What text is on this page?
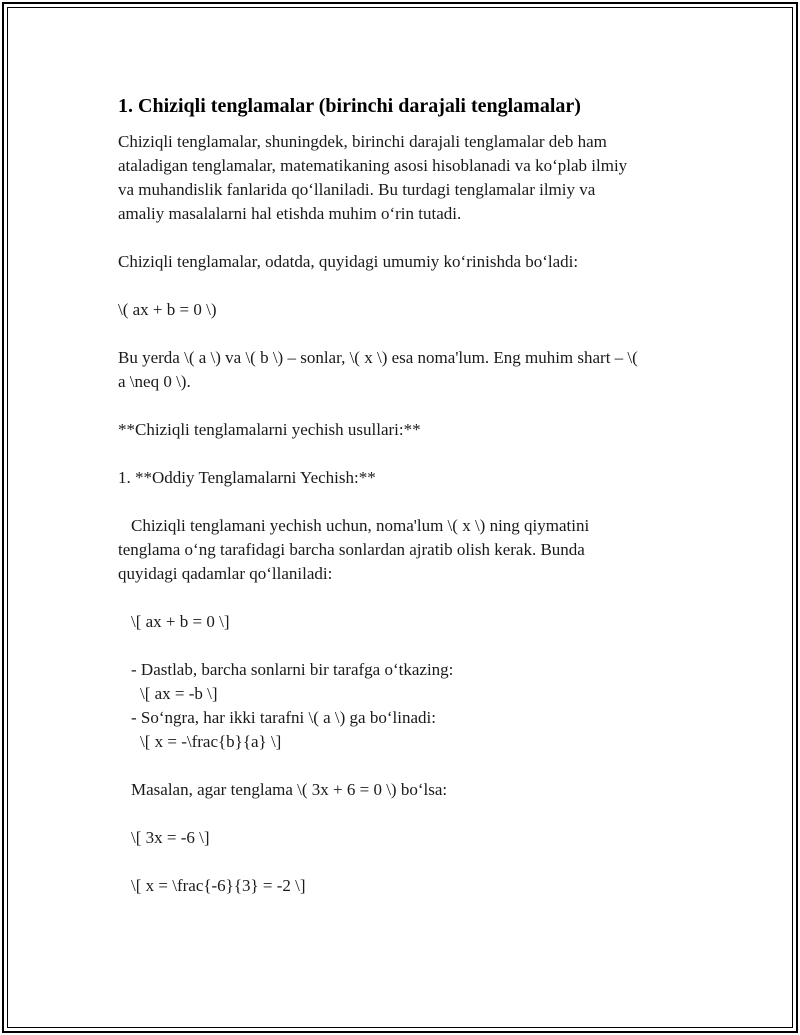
1. Chiziqli tenglamalar (birinchi darajali tenglamalar)
Chiziqli tenglamalar, shuningdek, birinchi darajali tenglamalar deb ham
ataladigan tenglamalar, matematikaning asosi hisoblanadi va ko‘plab ilmiy
va muhandislik fanlarida qo‘llaniladi. Bu turdagi tenglamalar ilmiy va
amaliy masalalarni hal etishda muhim o‘rin tutadi.
Chiziqli tenglamalar, odatda, quyidagi umumiy ko‘rinishda bo‘ladi:
\( ax + b = 0 \)
Bu yerda \( a \) va \( b \) – sonlar, \( x \) esa noma'lum. Eng muhim shart – \(
a \neq 0 \).
**Chiziqli tenglamalarni yechish usullari:**
1. **Oddiy Tenglamalarni Yechish:**
Chiziqli tenglamani yechish uchun, noma'lum \( x \) ning qiymatini
tenglama o‘ng tarafidagi barcha sonlardan ajratib olish kerak. Bunda
quyidagi qadamlar qo‘llaniladi:
\[ ax + b = 0 \]
- Dastlab, barcha sonlarni bir tarafga o‘tkazing:
\[ ax = -b \]
- So‘ngra, har ikki tarafni \( a \) ga bo‘linadi:
\[ x = -\frac{b}{a} \]
Masalan, agar tenglama \( 3x + 6 = 0 \) bo‘lsa:
\[ 3x = -6 \]
\[ x = \frac{-6}{3} = -2 \]
